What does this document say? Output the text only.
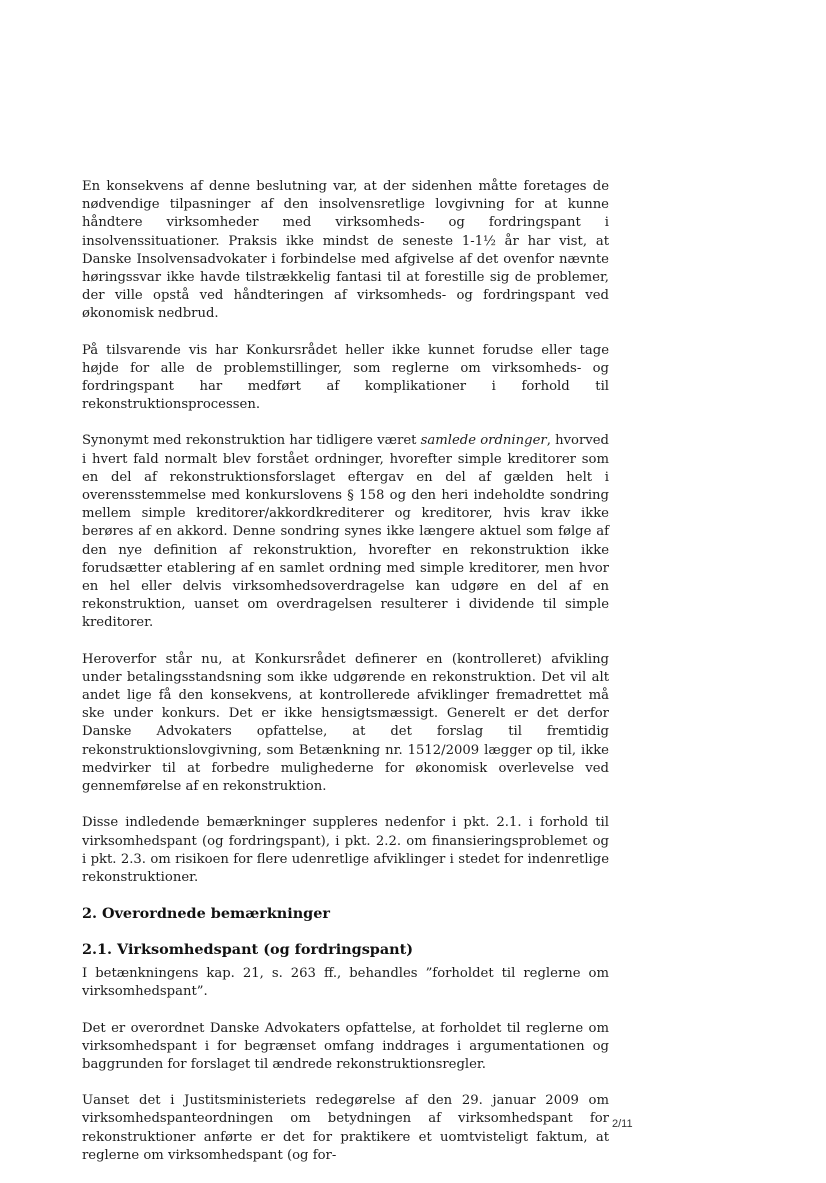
En konsekvens af denne beslutning var, at der sidenhen måtte foretages de nødvendige tilpasninger af den insolvensretlige lovgivning for at kunne håndtere virksomheder med virksomheds- og fordringspant i insolvenssituationer. Praksis ikke mindst de seneste 1-1½ år har vist, at Danske Insolvensadvokater i forbindelse med afgivelse af det ovenfor nævnte høringssvar ikke havde tilstrækkelig fantasi til at forestille sig de problemer, der ville opstå ved håndteringen af virksomheds- og fordringspant ved økonomisk nedbrud.

På tilsvarende vis har Konkursrådet heller ikke kunnet forudse eller tage højde for alle de problemstillinger, som reglerne om virksomheds- og fordringspant har medført af komplikationer i forhold til rekonstruktionsprocessen.

Synonymt med rekonstruktion har tidligere været samlede ordninger, hvorved i hvert fald normalt blev forstået ordninger, hvorefter simple kreditorer som en del af rekonstruktionsforslaget eftergav en del af gælden helt i overensstemmelse med konkurslovens § 158 og den heri indeholdte sondring mellem simple kreditorer/akkordkrediterer og kreditorer, hvis krav ikke berøres af en akkord. Denne sondring synes ikke længere aktuel som følge af den nye definition af rekonstruktion, hvorefter en rekonstruktion ikke forudsætter etablering af en samlet ordning med simple kreditorer, men hvor en hel eller delvis virksomhedsoverdragelse kan udgøre en del af en rekonstruktion, uanset om overdragelsen resulterer i dividende til simple kreditorer.

Heroverfor står nu, at Konkursrådet definerer en (kontrolleret) afvikling under betalingsstandsning som ikke udgørende en rekonstruktion. Det vil alt andet lige få den konsekvens, at kontrollerede afviklinger fremadrettet må ske under konkurs. Det er ikke hensigtsmæssigt. Generelt er det derfor Danske Advokaters opfattelse, at det forslag til fremtidig rekonstruktionslovgivning, som Betænkning nr. 1512/2009 lægger op til, ikke medvirker til at forbedre mulighederne for økonomisk overlevelse ved gennemførelse af en rekonstruktion.

Disse indledende bemærkninger suppleres nedenfor i pkt. 2.1. i forhold til virksomhedspant (og fordringspant), i pkt. 2.2. om finansieringsproblemet og i pkt. 2.3. om risikoen for flere udenretlige afviklinger i stedet for indenretlige rekonstruktioner.

2. Overordnede bemærkninger
2.1. Virksomhedspant (og fordringspant)

I betænkningens kap. 21, s. 263 ff., behandles ”forholdet til reglerne om virksomhedspant”.

Det er overordnet Danske Advokaters opfattelse, at forholdet til reglerne om virksomhedspant i for begrænset omfang inddrages i argumentationen og baggrunden for forslaget til ændrede rekonstruktionsregler.

Uanset det i Justitsministeriets redegørelse af den 29. januar 2009 om virksomhedspanteordningen om betydningen af virksomhedspant for rekonstruktioner anførte er det for praktikere et uomtvisteligt faktum, at reglerne om virksomhedspant (og for-

2/11
